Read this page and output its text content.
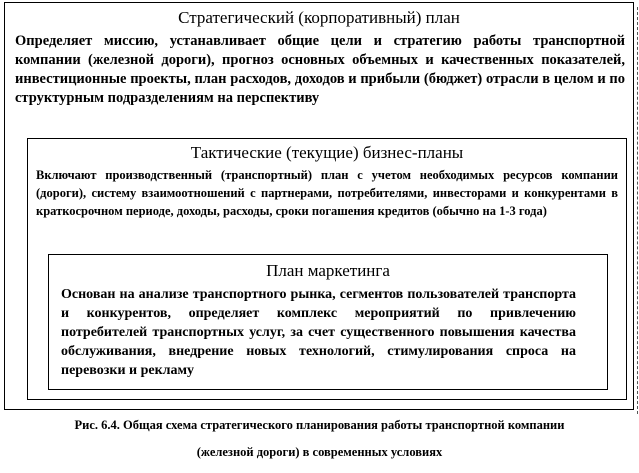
Стратегический (корпоративный) план
Определяет миссию, устанавливает общие цели и стратегию работы транспортной компании (железной дороги), прогноз основных объемных и качественных показателей, инвестиционные проекты, план расходов, доходов и прибыли (бюджет) отрасли в целом и по структурным подразделениям на перспективу
Тактические (текущие) бизнес-планы
Включают производственный (транспортный) план с учетом необходимых ресурсов компании (дороги), систему взаимоотношений с партнерами, потребителями, инвесторами и конкурентами в краткосрочном периоде, доходы, расходы, сроки погашения кредитов (обычно на 1-3 года)
План маркетинга
Основан на анализе транспортного рынка, сегментов пользователей транспорта и конкурентов, определяет комплекс мероприятий по привлечению потребителей транспортных услуг, за счет существенного повышения качества обслуживания, внедрение новых технологий, стимулирования спроса на перевозки и рекламу
Рис. 6.4. Общая схема стратегического планирования работы транспортной компании
(железной дороги) в современных условиях
